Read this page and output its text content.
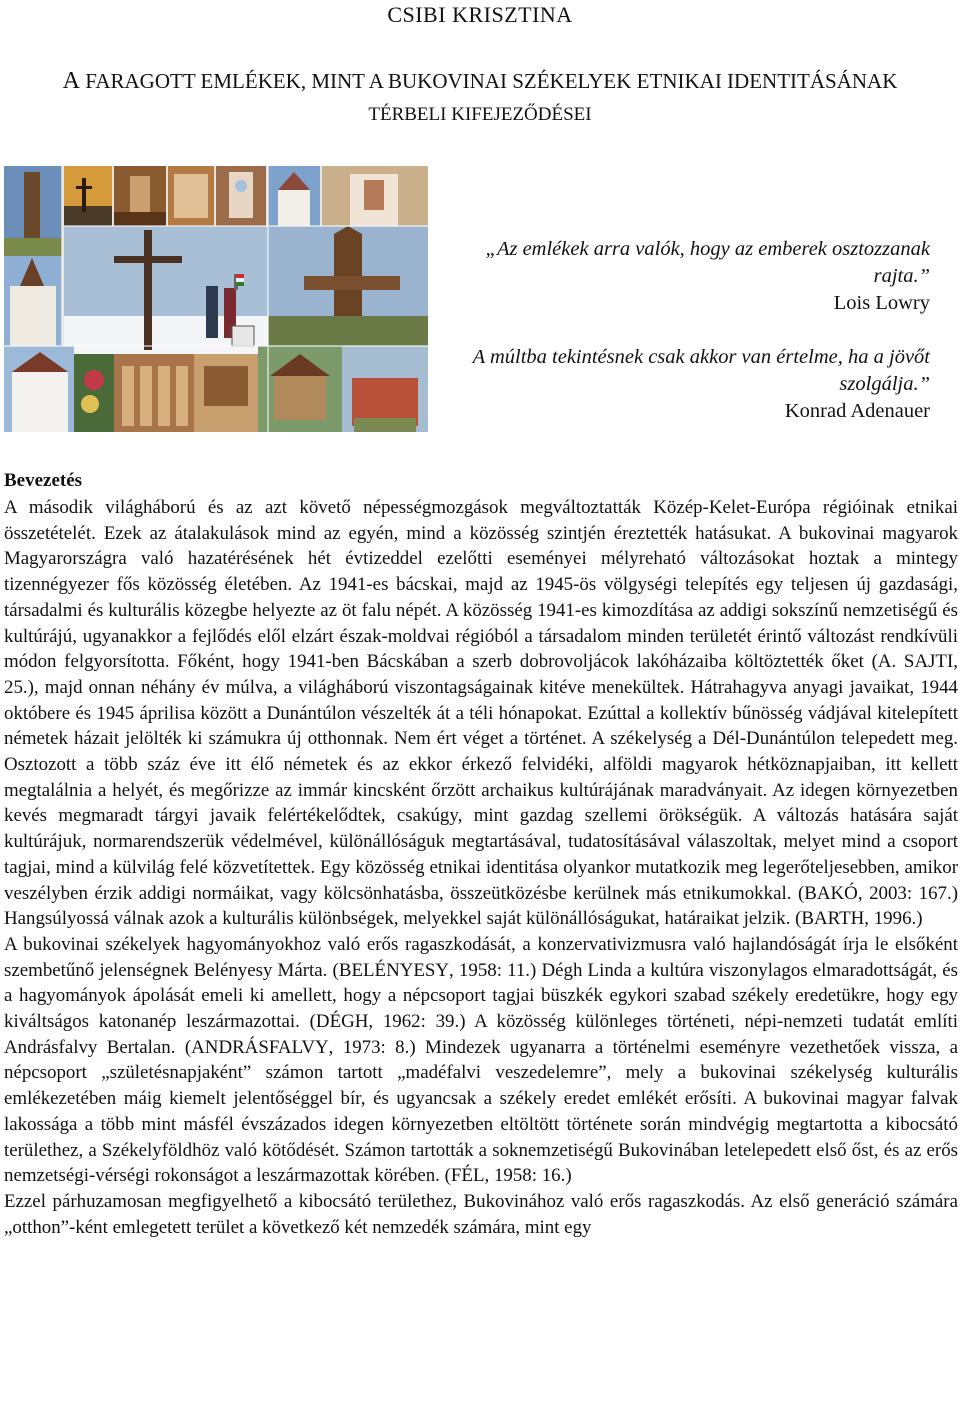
CSIBI KRISZTINA
A FARAGOTT EMLÉKEK, MINT A BUKOVINAI SZÉKELYEK ETNIKAI IDENTITÁSÁNAK
TÉRBELI KIFEJEZŐDÉSEI
„Az emlékek arra valók, hogy az emberek osztozzanak
rajta.”
Lois Lowry
A múltba tekintésnek csak akkor van értelme, ha a jövőt
szolgálja.”
Konrad Adenauer
Bevezetés

A második világháború és az azt követő népességmozgások megváltoztatták Közép-Kelet-Európa régióinak etnikai összetételét. Ezek az átalakulások mind az egyén, mind a közösség szintjén éreztették hatásukat. A bukovinai magyarok Magyarországra való hazatérésének hét évtizeddel ezelőtti eseményei mélyreható változásokat hoztak a mintegy tizennégyezer fős közösség életében. Az 1941-es bácskai, majd az 1945-ös völgységi telepítés egy teljesen új gazdasági, társadalmi és kulturális közegbe helyezte az öt falu népét. A közösség 1941-es kimozdítása az addigi sokszínű nemzetiségű és kultúrájú, ugyanakkor a fejlődés elől elzárt észak-moldvai régióból a társadalom minden területét érintő változást rendkívüli módon felgyorsította. Főként, hogy 1941-ben Bácskában a szerb dobrovoljácok lakóházaiba költöztették őket (A. SAJTI, 25.), majd onnan néhány év múlva, a világháború viszontagságainak kitéve menekültek. Hátrahagyva anyagi javaikat, 1944 októbere és 1945 áprilisa között a Dunántúlon vészelték át a téli hónapokat. Ezúttal a kollektív bűnösség vádjával kitelepített németek házait jelölték ki számukra új otthonnak. Nem ért véget a történet. A székelység a Dél-Dunántúlon telepedett meg. Osztozott a több száz éve itt élő németek és az ekkor érkező felvidéki, alföldi magyarok hétköznapjaiban, itt kellett megtalálnia a helyét, és megőrizze az immár kincsként őrzött archaikus kultúrájának maradványait. Az idegen környezetben kevés megmaradt tárgyi javaik felértékelődtek, csakúgy, mint gazdag szellemi örökségük. A változás hatására saját kultúrájuk, normarendszerük védelmével, különállóságuk megtartásával, tudatosításával válaszoltak, melyet mind a csoport tagjai, mind a külvilág felé közvetítettek. Egy közösség etnikai identitása olyankor mutatkozik meg legerőteljesebben, amikor veszélyben érzik addigi normáikat, vagy kölcsönhatásba, összeütközésbe kerülnek más etnikumokkal. (BAKÓ, 2003: 167.) Hangsúlyossá válnak azok a kulturális különbségek, melyekkel saját különállóságukat, határaikat jelzik. (BARTH, 1996.)

A bukovinai székelyek hagyományokhoz való erős ragaszkodását, a konzervativizmusra való hajlandóságát írja le elsőként szembetűnő jelenségnek Belényesy Márta. (BELÉNYESY, 1958: 11.) Dégh Linda a kultúra viszonylagos elmaradottságát, és a hagyományok ápolását emeli ki amellett, hogy a népcsoport tagjai büszkék egykori szabad székely eredetükre, hogy egy kiváltságos katonanép leszármazottai. (DÉGH, 1962: 39.) A közösség különleges történeti, népi-nemzeti tudatát említi Andrásfalvy Bertalan. (ANDRÁSFALVY, 1973: 8.) Mindezek ugyanarra a történelmi eseményre vezethetőek vissza, a népcsoport „születésnapjaként” számon tartott „madéfalvi veszedelemre”, mely a bukovinai székelység kulturális emlékezetében máig kiemelt jelentőséggel bír, és ugyancsak a székely eredet emlékét erősíti. A bukovinai magyar falvak lakossága a több mint másfél évszázados idegen környezetben eltöltött története során mindvégig megtartotta a kibocsátó területhez, a Székelyföldhöz való kötődését. Számon tartották a soknemzetiségű Bukovinában letelepedett első őst, és az erős nemzetségi-vérségi rokonságot a leszármazottak körében. (FÉL, 1958: 16.)

Ezzel párhuzamosan megfigyelhető a kibocsátó területhez, Bukovinához való erős ragaszkodás. Az első generáció számára „otthon”-ként emlegetett terület a következő két nemzedék számára, mint egy
